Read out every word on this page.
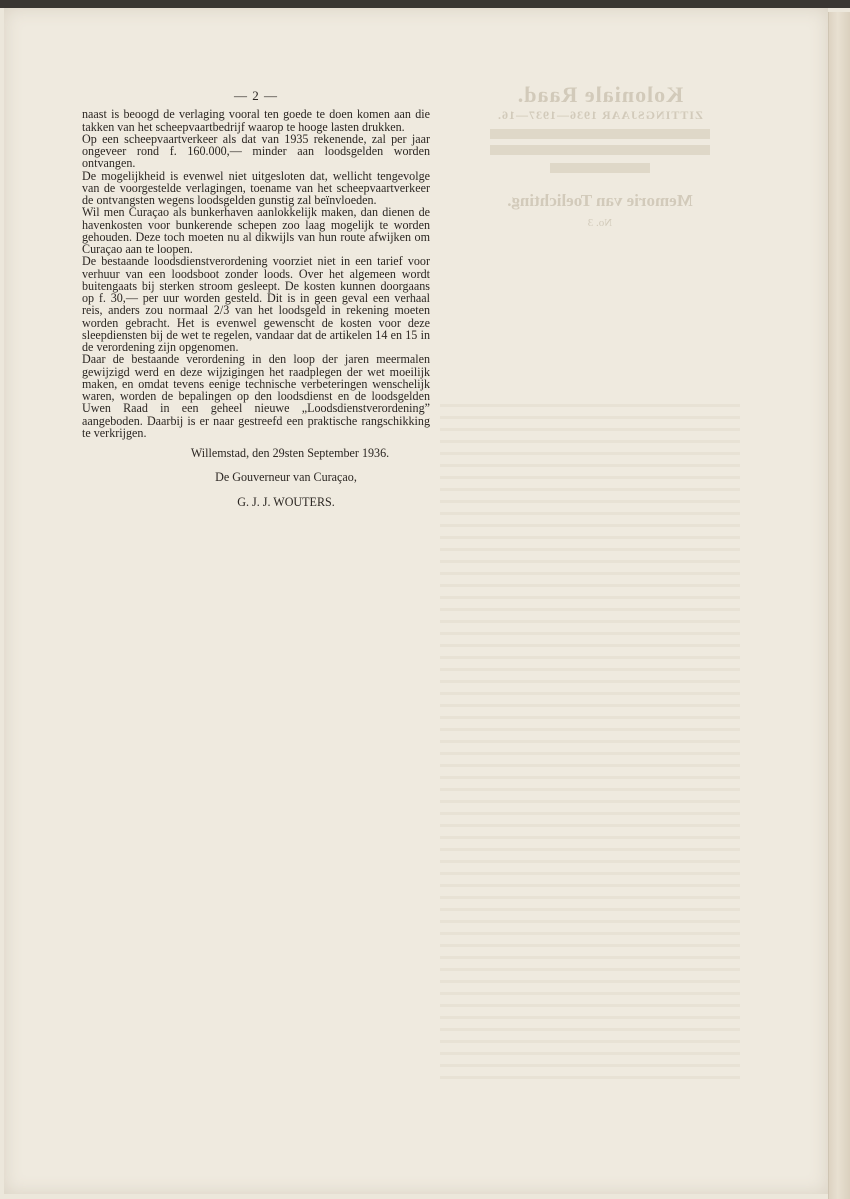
Koloniale Raad.
ZITTINGSJAAR 1936—1937—16.
Memorie van Toelichting.
No. 3

— 2 —

naast is beoogd de verlaging vooral ten goede te doen komen aan die takken van het scheepvaartbedrijf waarop te hooge lasten drukken.

Op een scheepvaartverkeer als dat van 1935 rekenende, zal per jaar ongeveer rond f. 160.000,— minder aan loodsgelden worden ontvangen.

De mogelijkheid is evenwel niet uitgesloten dat, wellicht tengevolge van de voorgestelde verlagingen, toename van het scheepvaartverkeer de ontvangsten wegens loodsgelden gunstig zal beïnvloeden.

Wil men Curaçao als bunkerhaven aanlokkelijk maken, dan dienen de havenkosten voor bunkerende schepen zoo laag mogelijk te worden gehouden. Deze toch moeten nu al dikwijls van hun route afwijken om Curaçao aan te loopen.

De bestaande loodsdienstverordening voorziet niet in een tarief voor verhuur van een loodsboot zonder loods. Over het algemeen wordt buitengaats bij sterken stroom gesleept. De kosten kunnen doorgaans op f. 30,— per uur worden gesteld. Dit is in geen geval een verhaal reis, anders zou normaal 2/3 van het loodsgeld in rekening moeten worden gebracht. Het is evenwel gewenscht de kosten voor deze sleepdiensten bij de wet te regelen, vandaar dat de artikelen 14 en 15 in de verordening zijn opgenomen.

Daar de bestaande verordening in den loop der jaren meermalen gewijzigd werd en deze wijzigingen het raadplegen der wet moeilijk maken, en omdat tevens eenige technische verbeteringen wenschelijk waren, worden de bepalingen op den loodsdienst en de loodsgelden Uwen Raad in een geheel nieuwe „Loodsdienstverordening” aangeboden. Daarbij is er naar gestreefd een praktische rangschikking te verkrijgen.

Willemstad, den 29sten September 1936.

De Gouverneur van Curaçao,

G. J. J. WOUTERS.
